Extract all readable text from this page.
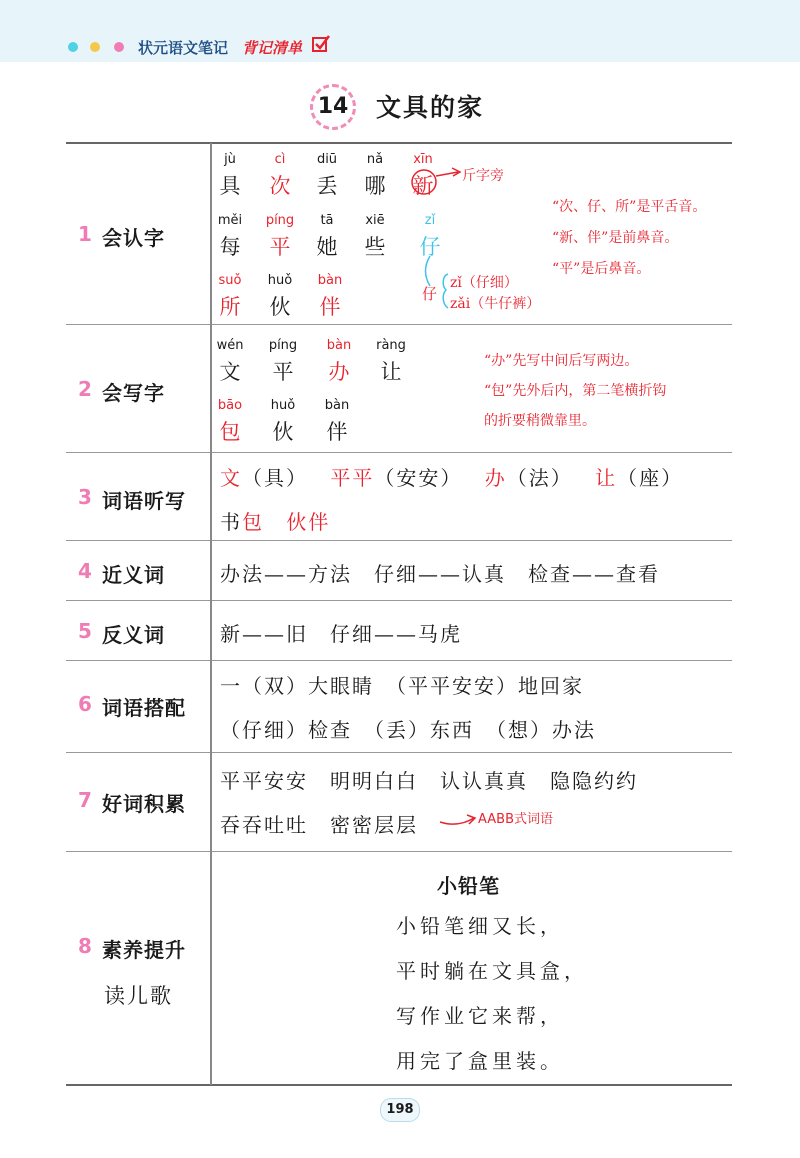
状元语文笔记 背记清单
14	文具的家
1 会认字
2 会写字
3 词语听写
4 近义词
5 反义词
6 词语搭配
7 好词积累
8 素养提升
读儿歌
jù
具
cì
次
diū
丢
nǎ
哪
xīn
新
měi
每
píng
平
tā
她
xiē
些
zǐ
仔
suǒ
所
huǒ
伙
bàn
伴
斤字旁
仔
zǐ（仔细）
zǎi（牛仔裤）
“次、仔、所”是平舌音。
“新、伴”是前鼻音。
“平”是后鼻音。
wén
文
píng
平
bàn
办
ràng
让
bāo
包
huǒ
伙
bàn
伴
“办”先写中间后写两边。
“包”先外后内，第二笔横折钩
的折要稍微靠里。
文（具） 平平（安安） 办（法） 让（座）
书包 伙伴
办法——方法　仔细——认真　检查——查看
新——旧　仔细——马虎
一（双）大眼睛　（平平安安）地回家
（仔细）检查　（丢）东西　（想）办法
平平安安　明明白白　认认真真　隐隐约约
吞吞吐吐　密密层层	AABB式词语
小铅笔
小铅笔细又长，
平时躺在文具盒，
写作业它来帮，
用完了盒里装。
198
